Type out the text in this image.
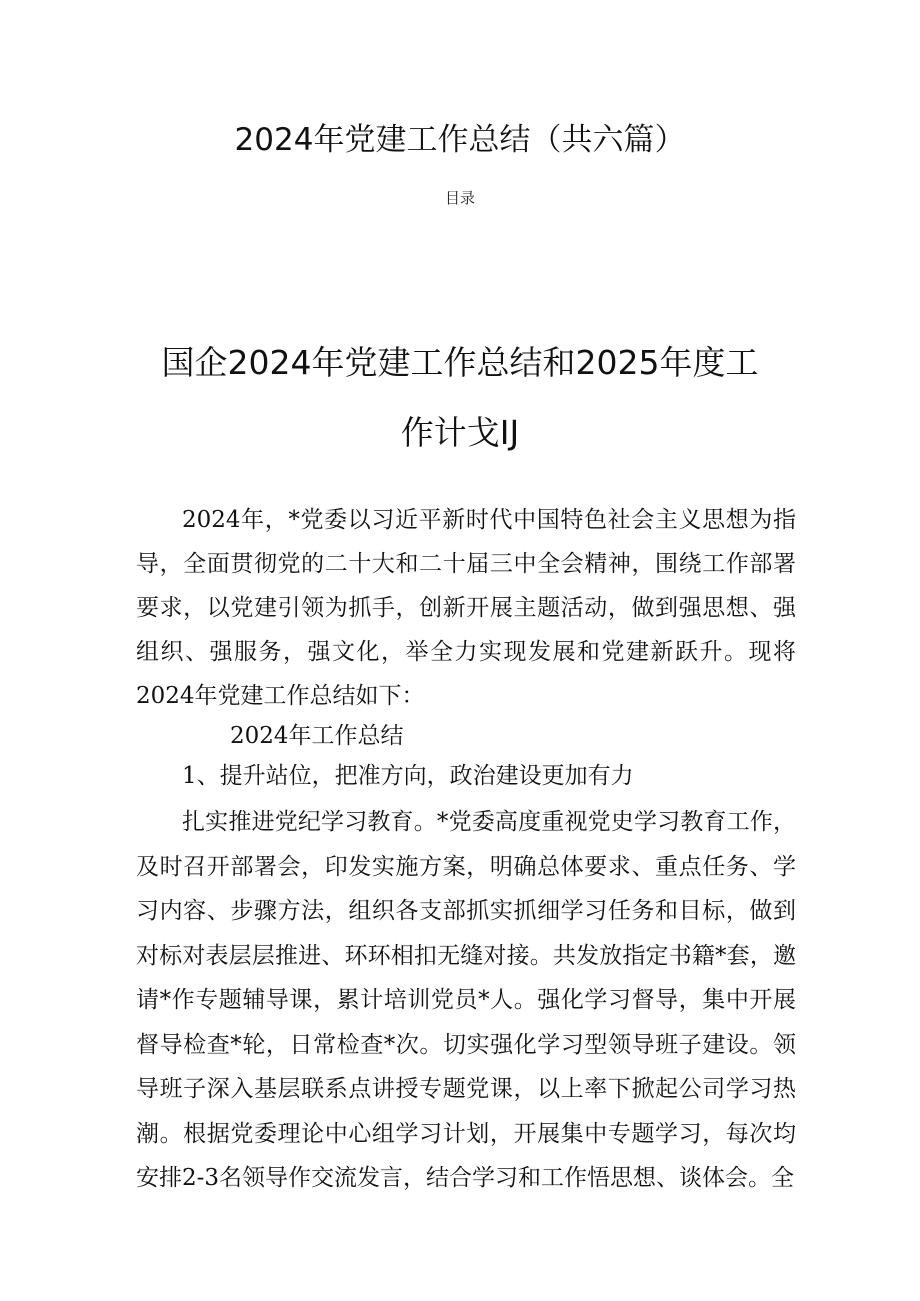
2024年党建工作总结（共六篇）
目录
国企2024年党建工作总结和2025年度工
作计戈IJ

2024年，*党委以习近平新时代中国特色社会主义思想为指导，全面贯彻党的二十大和二十届三中全会精神，围绕工作部署要求，以党建引领为抓手，创新开展主题活动，做到强思想、强组织、强服务，强文化，举全力实现发展和党建新跃升。现将2024年党建工作总结如下：

2024年工作总结
1、提升站位，把准方向，政治建设更加有力

扎实推进党纪学习教育。*党委高度重视党史学习教育工作，及时召开部署会，印发实施方案，明确总体要求、重点任务、学习内容、步骤方法，组织各支部抓实抓细学习任务和目标，做到对标对表层层推进、环环相扣无缝对接。共发放指定书籍*套，邀请*作专题辅导课，累计培训党员*人。强化学习督导，集中开展督导检查*轮，日常检查*次。切实强化学习型领导班子建设。领导班子深入基层联系点讲授专题党课，以上率下掀起公司学习热潮。根据党委理论中心组学习计划，开展集中专题学习，每次均安排2-3名领导作交流发言，结合学习和工作悟思想、谈体会。全
